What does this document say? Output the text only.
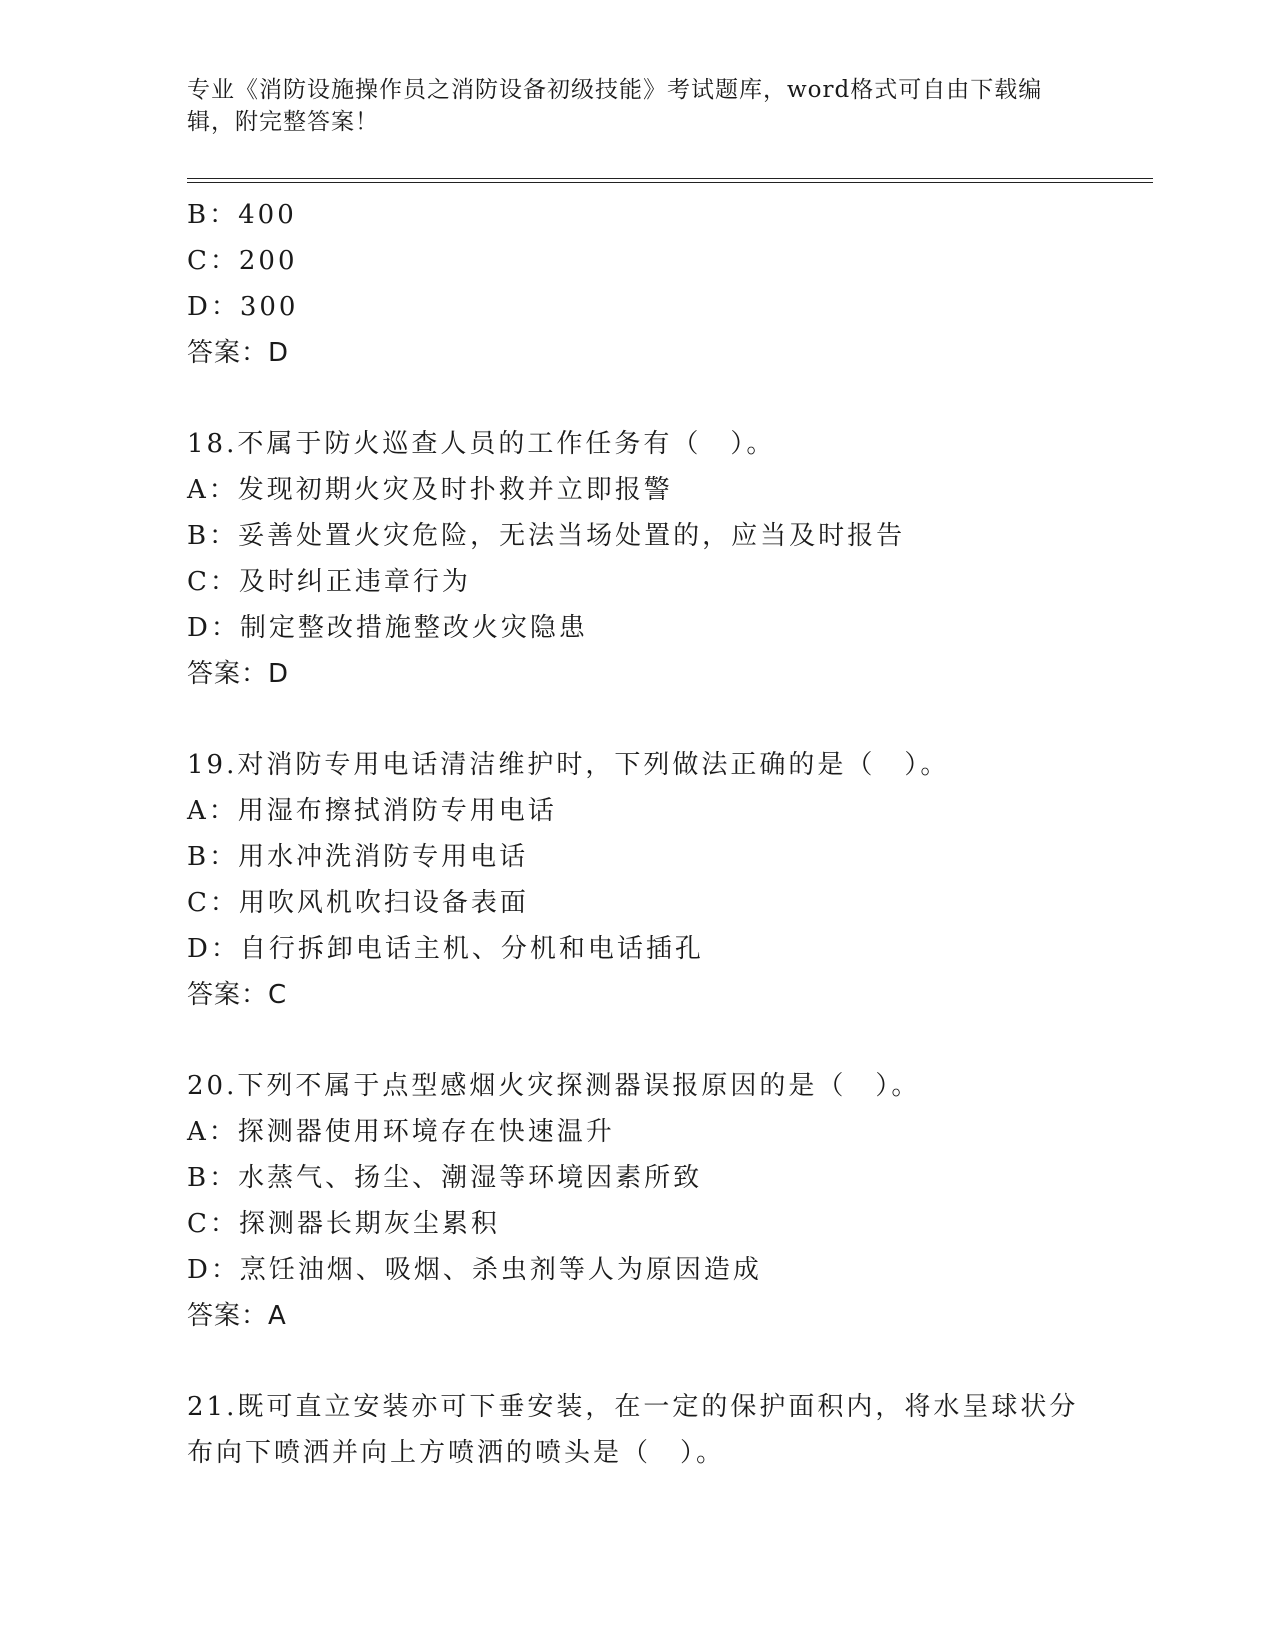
专业《消防设施操作员之消防设备初级技能》考试题库，word格式可自由下载编辑，附完整答案！
B：400
C：200
D：300
答案：D
18.不属于防火巡查人员的工作任务有（　）。
A：发现初期火灾及时扑救并立即报警
B：妥善处置火灾危险，无法当场处置的，应当及时报告
C：及时纠正违章行为
D：制定整改措施整改火灾隐患
答案：D
19.对消防专用电话清洁维护时，下列做法正确的是（　）。
A：用湿布擦拭消防专用电话
B：用水冲洗消防专用电话
C：用吹风机吹扫设备表面
D：自行拆卸电话主机、分机和电话插孔
答案：C
20.下列不属于点型感烟火灾探测器误报原因的是（　）。
A：探测器使用环境存在快速温升
B：水蒸气、扬尘、潮湿等环境因素所致
C：探测器长期灰尘累积
D：烹饪油烟、吸烟、杀虫剂等人为原因造成
答案：A
21.既可直立安装亦可下垂安装，在一定的保护面积内，将水呈球状分布向下喷洒并向上方喷洒的喷头是（　）。
